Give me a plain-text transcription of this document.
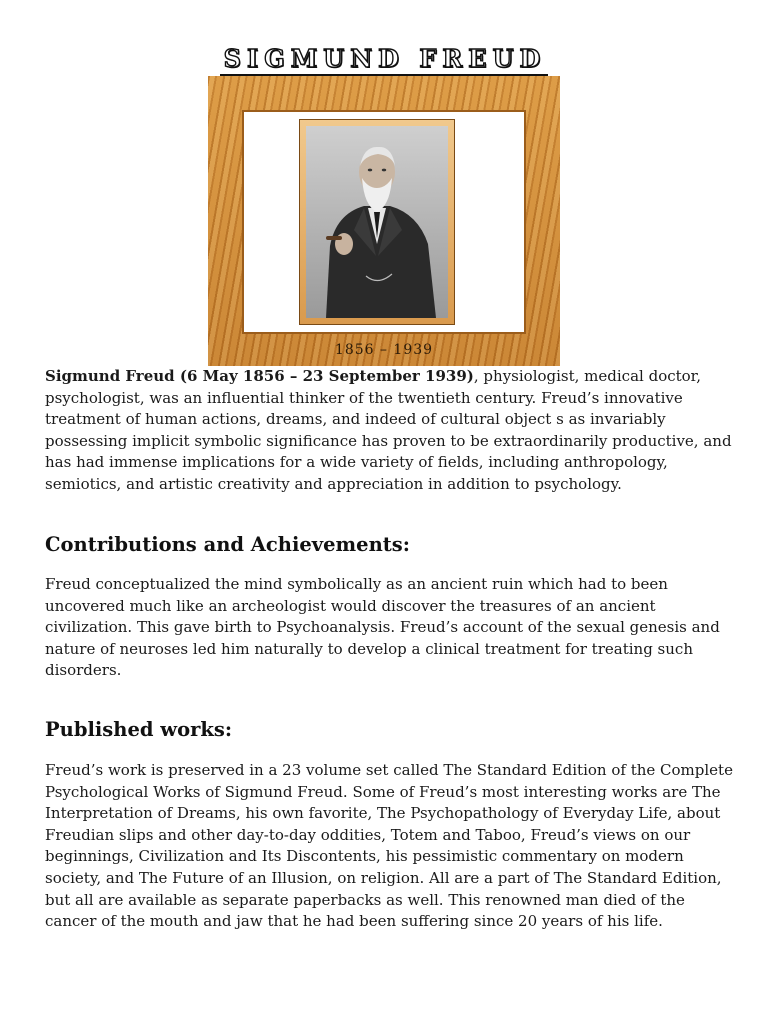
SIGMUND FREUD
1856 – 1939

Sigmund Freud (6 May 1856 – 23 September 1939), physiologist, medical doctor, psychologist, was an influential thinker of the twentieth century. Freud’s innovative treatment of human actions, dreams, and indeed of cultural object s as invariably possessing implicit symbolic significance has proven to be extraordinarily productive, and has had immense implications for a wide variety of fields, including anthropology, semiotics, and artistic creativity and appreciation in addition to psychology.

Contributions and Achievements:

Freud conceptualized the mind symbolically as an ancient ruin which had to been uncovered much like an archeologist would discover the treasures of an ancient civilization. This gave birth to Psychoanalysis. Freud’s account of the sexual genesis and nature of neuroses led him naturally to develop a clinical treatment for treating such disorders.

Published works:

Freud’s work is preserved in a 23 volume set called The Standard Edition of the Complete Psychological Works of Sigmund Freud. Some of Freud’s most interesting works are The Interpretation of Dreams, his own favorite, The Psychopathology of Everyday Life, about Freudian slips and other day-to-day oddities, Totem and Taboo, Freud’s views on our beginnings, Civilization and Its Discontents, his pessimistic commentary on modern society, and The Future of an Illusion, on religion. All are a part of The Standard Edition, but all are available as separate paperbacks as well. This renowned man died of the cancer of the mouth and jaw that he had been suffering since 20 years of his life.
